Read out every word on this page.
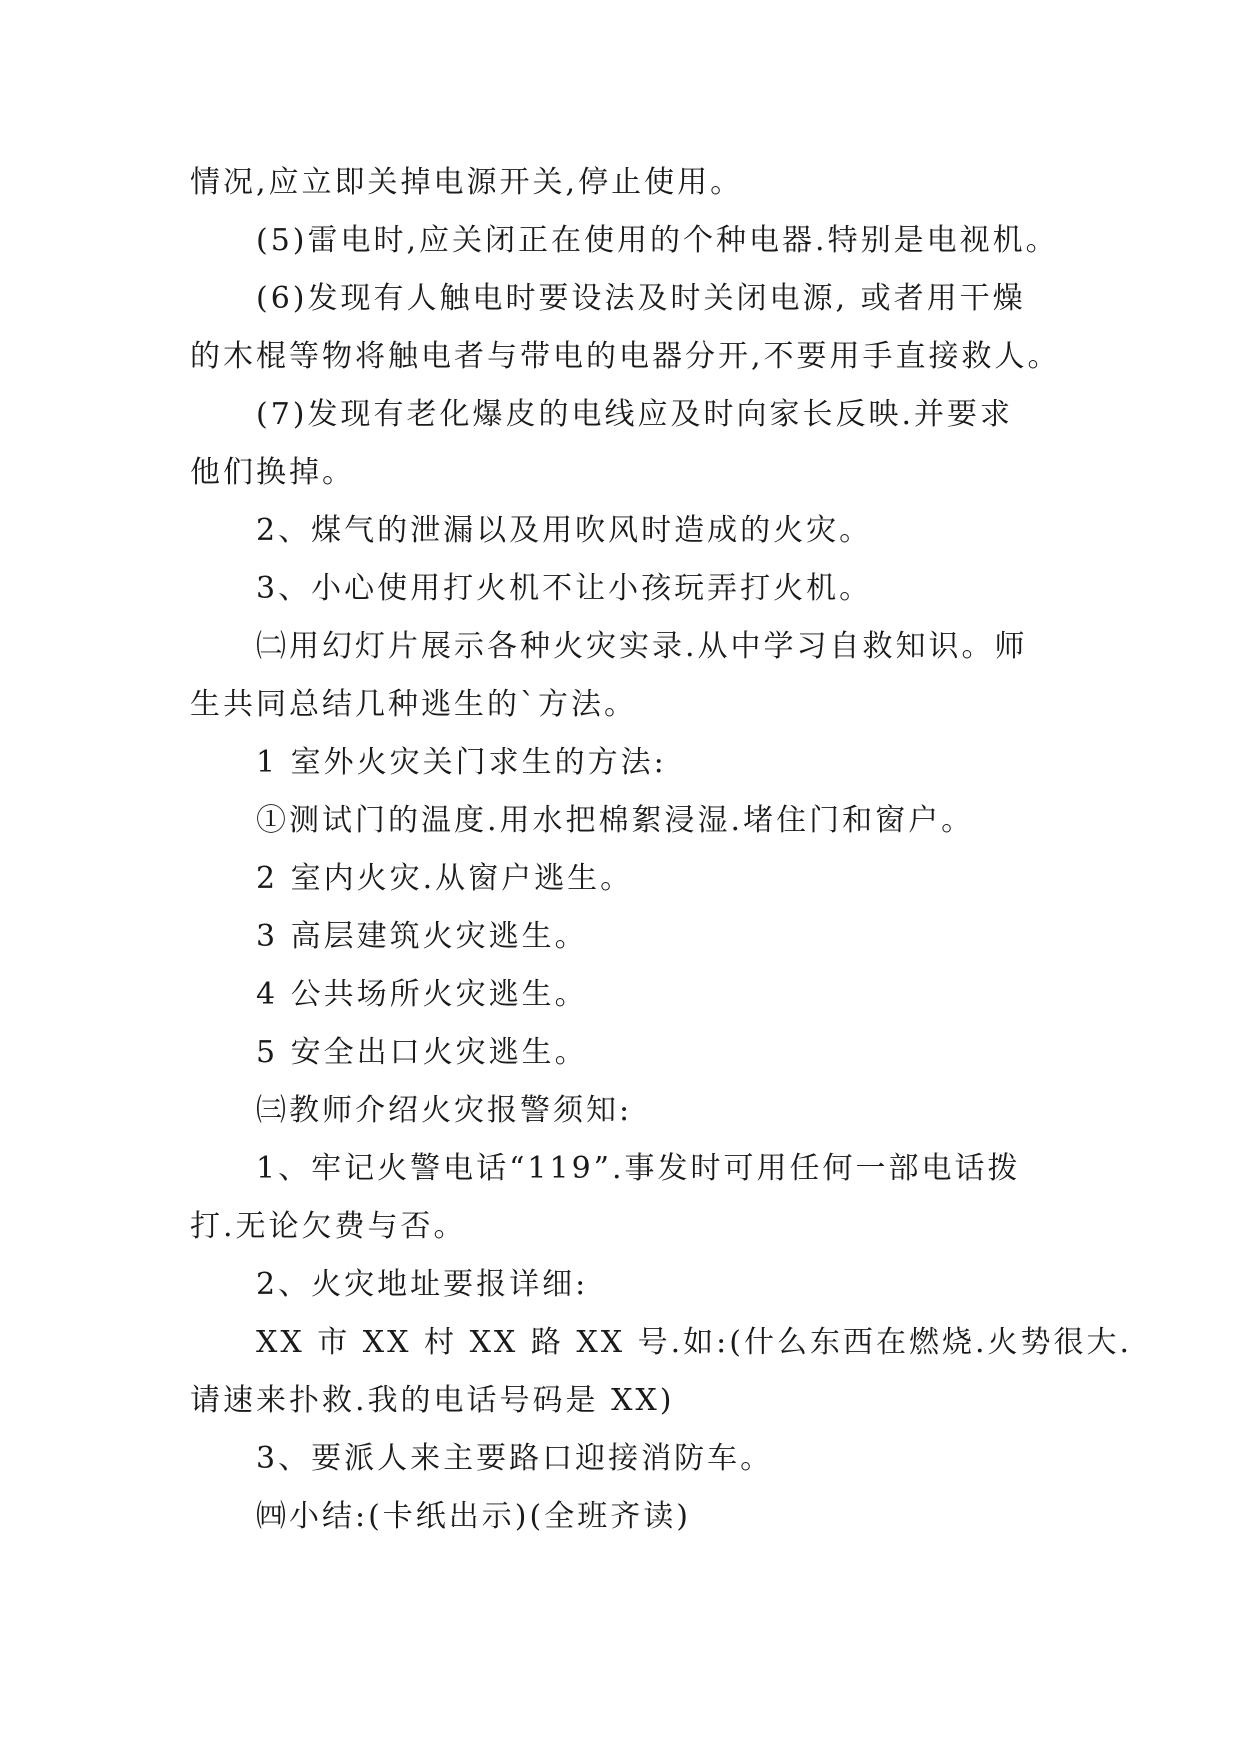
情况,应立即关掉电源开关,停止使用。
(5)雷电时,应关闭正在使用的个种电器.特别是电视机。
(6)发现有人触电时要设法及时关闭电源, 或者用干燥
的木棍等物将触电者与带电的电器分开,不要用手直接救人。
(7)发现有老化爆皮的电线应及时向家长反映.并要求
他们换掉。
2、煤气的泄漏以及用吹风时造成的火灾。
3、小心使用打火机不让小孩玩弄打火机。
㈡用幻灯片展示各种火灾实录.从中学习自救知识。师
生共同总结几种逃生的`方法。
1 室外火灾关门求生的方法:
①测试门的温度.用水把棉絮浸湿.堵住门和窗户。
2 室内火灾.从窗户逃生。
3 高层建筑火灾逃生。
4 公共场所火灾逃生。
5 安全出口火灾逃生。
㈢教师介绍火灾报警须知:
1、牢记火警电话“119”.事发时可用任何一部电话拨
打.无论欠费与否。
2、火灾地址要报详细:
XX 市 XX 村 XX 路 XX 号.如:(什么东西在燃烧.火势很大.
请速来扑救.我的电话号码是 XX)
3、要派人来主要路口迎接消防车。
㈣小结:(卡纸出示)(全班齐读)
